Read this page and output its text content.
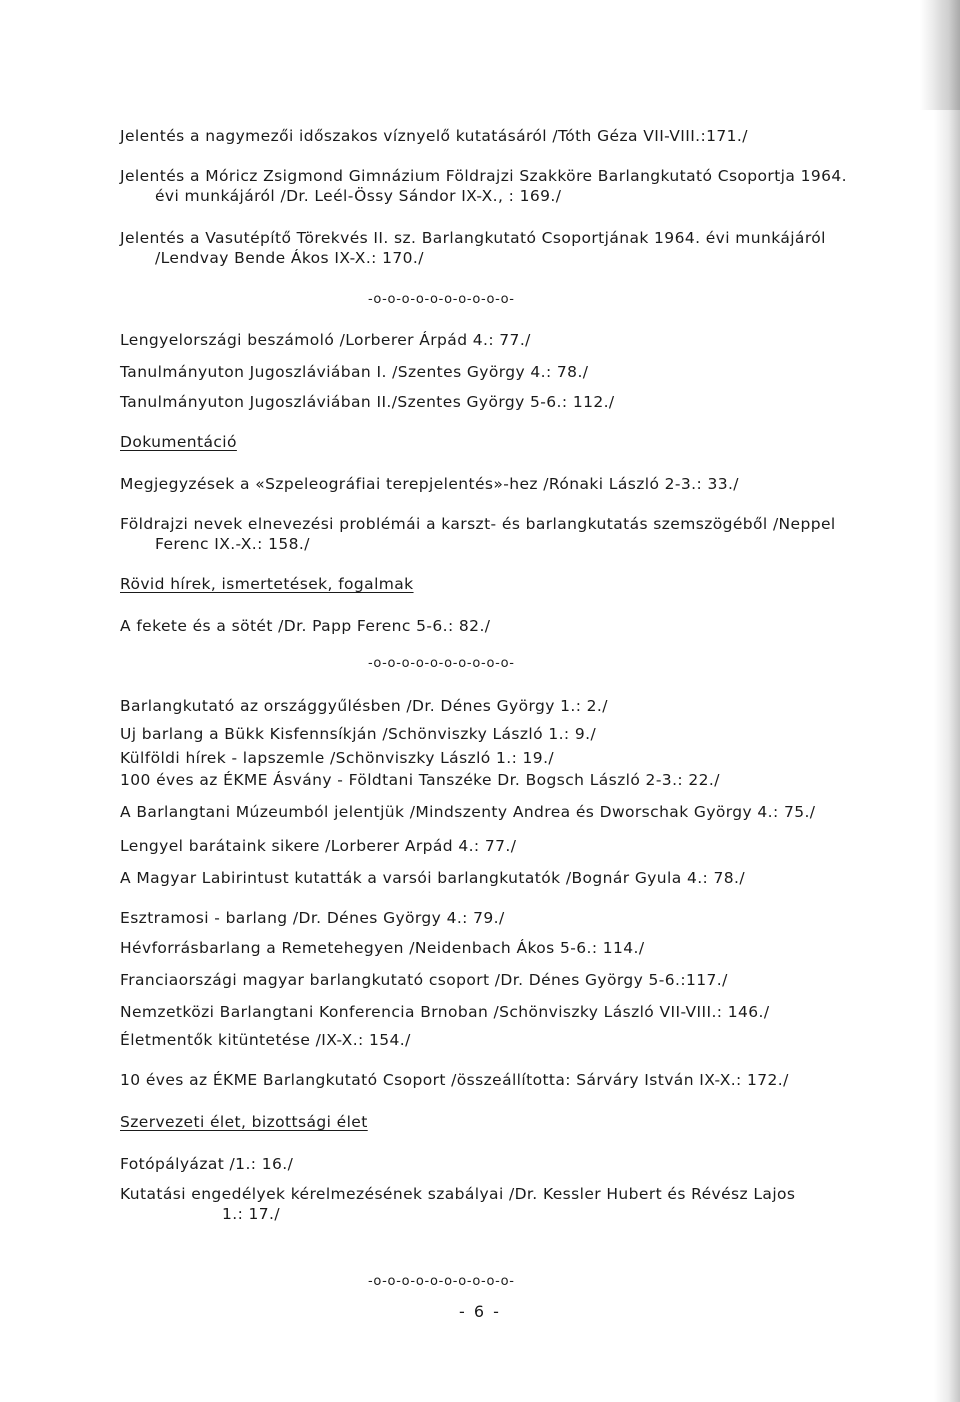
Jelentés a nagymezői időszakos víznyelő kutatásáról /Tóth Géza VII-VIII.:171./
Jelentés a Móricz Zsigmond Gimnázium Földrajzi Szakköre Barlangkutató Csoportja 1964.
évi munkájáról /Dr. Leél-Össy Sándor IX-X., : 169./
Jelentés a Vasutépítő Törekvés II. sz. Barlangkutató Csoportjának 1964. évi munkájáról
/Lendvay Bende Ákos IX-X.: 170./
-o-o-o-o-o-o-o-o-o-o-
Lengyelországi beszámoló /Lorberer Árpád 4.: 77./
Tanulmányuton Jugoszláviában I. /Szentes György 4.: 78./
Tanulmányuton Jugoszláviában II./Szentes György 5-6.: 112./
Dokumentáció
Megjegyzések a «Szpeleográfiai terepjelentés»-hez /Rónaki László 2-3.: 33./
Földrajzi nevek elnevezési problémái a karszt- és barlangkutatás szemszögéből /Neppel
Ferenc IX.-X.: 158./
Rövid hírek, ismertetések, fogalmak
A fekete és a sötét /Dr. Papp Ferenc 5-6.: 82./
-o-o-o-o-o-o-o-o-o-o-
Barlangkutató az országgyűlésben /Dr. Dénes György 1.: 2./
Uj barlang a Bükk Kisfennsíkján /Schönviszky László 1.: 9./
Külföldi hírek - lapszemle /Schönviszky László 1.: 19./
100 éves az ÉKME Ásvány - Földtani Tanszéke Dr. Bogsch László 2-3.: 22./
A Barlangtani Múzeumból jelentjük /Mindszenty Andrea és Dworschak György 4.: 75./
Lengyel barátaink sikere /Lorberer Arpád 4.: 77./
A Magyar Labirintust kutatták a varsói barlangkutatók /Bognár Gyula 4.: 78./
Esztramosi - barlang /Dr. Dénes György 4.: 79./
Hévforrásbarlang a Remetehegyen /Neidenbach Ákos 5-6.: 114./
Franciaországi magyar barlangkutató csoport /Dr. Dénes György 5-6.:117./
Nemzetközi Barlangtani Konferencia Brnoban /Schönviszky László VII-VIII.: 146./
Életmentők kitüntetése /IX-X.: 154./
10 éves az ÉKME Barlangkutató Csoport /összeállította: Sárváry István IX-X.: 172./
Szervezeti élet, bizottsági élet
Fotópályázat /1.: 16./
Kutatási engedélyek kérelmezésének szabályai /Dr. Kessler Hubert és Révész Lajos
1.: 17./
-o-o-o-o-o-o-o-o-o-o-
- 6 -
